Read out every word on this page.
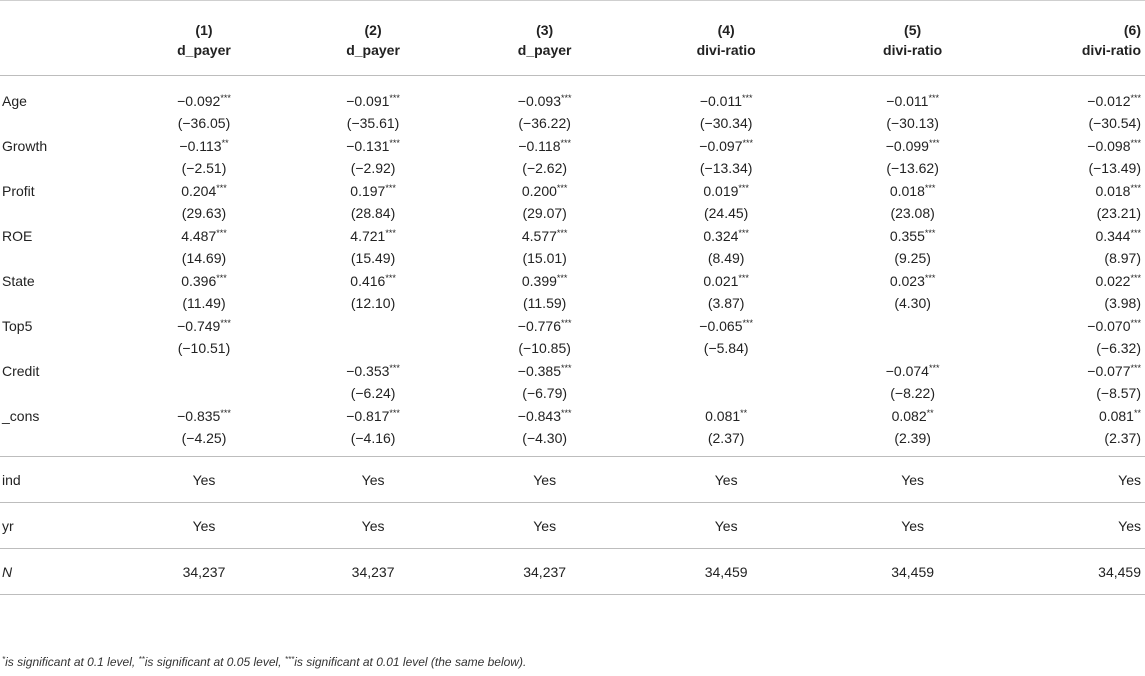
	(1)	(2)	(3)	(4)	(5)	(6)
	d_payer	d_payer	d_payer	divi-ratio	divi-ratio	divi-ratio
Age	−0.092***	−0.091***	−0.093***	−0.011***	−0.011***	−0.012***
	(−36.05)	(−35.61)	(−36.22)	(−30.34)	(−30.13)	(−30.54)
Growth	−0.113**	−0.131***	−0.118***	−0.097***	−0.099***	−0.098***
	(−2.51)	(−2.92)	(−2.62)	(−13.34)	(−13.62)	(−13.49)
Profit	0.204***	0.197***	0.200***	0.019***	0.018***	0.018***
	(29.63)	(28.84)	(29.07)	(24.45)	(23.08)	(23.21)
ROE	4.487***	4.721***	4.577***	0.324***	0.355***	0.344***
	(14.69)	(15.49)	(15.01)	(8.49)	(9.25)	(8.97)
State	0.396***	0.416***	0.399***	0.021***	0.023***	0.022***
	(11.49)	(12.10)	(11.59)	(3.87)	(4.30)	(3.98)
Top5	−0.749***		−0.776***	−0.065***		−0.070***
	(−10.51)		(−10.85)	(−5.84)		(−6.32)
Credit		−0.353***	−0.385***		−0.074***	−0.077***
		(−6.24)	(−6.79)		(−8.22)	(−8.57)
_cons	−0.835***	−0.817***	−0.843***	0.081**	0.082**	0.081**
	(−4.25)	(−4.16)	(−4.30)	(2.37)	(2.39)	(2.37)
ind	Yes	Yes	Yes	Yes	Yes	Yes
yr	Yes	Yes	Yes	Yes	Yes	Yes
N	34,237	34,237	34,237	34,459	34,459	34,459
*is significant at 0.1 level, **is significant at 0.05 level, ***is significant at 0.01 level (the same below).
